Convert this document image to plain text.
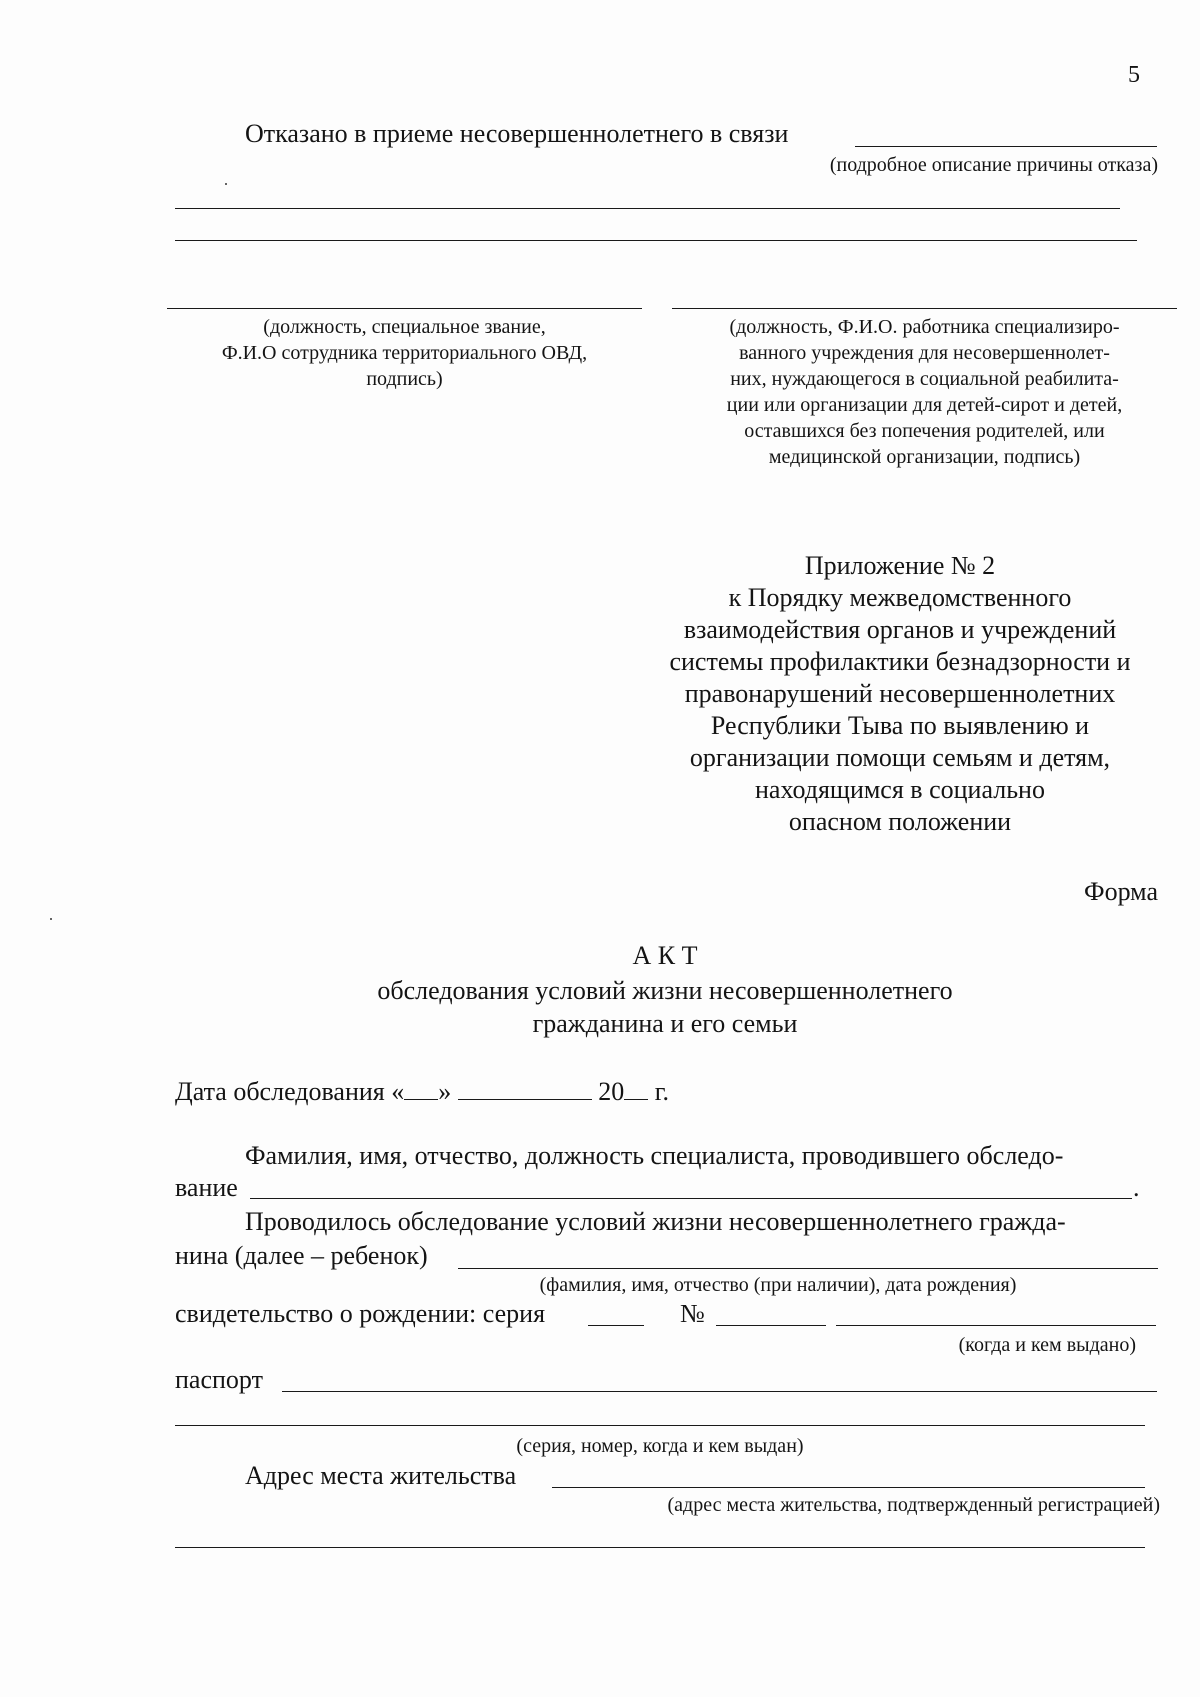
5
Отказано в приеме несовершеннолетнего в связи
(подробное описание причины отказа)
(должность, специальное звание,
Ф.И.О сотрудника территориального ОВД,
подпись)
(должность, Ф.И.О. работника специализиро-
ванного учреждения для несовершеннолет-
них, нуждающегося в социальной реабилита-
ции или организации для детей-сирот и детей,
оставшихся без попечения родителей, или
медицинской организации, подпись)
Приложение № 2
к Порядку межведомственного
взаимодействия органов и учреждений
системы профилактики безнадзорности и
правонарушений несовершеннолетних
Республики Тыва по выявлению и
организации помощи семьям и детям,
находящимся в социально
опасном положении
Форма
А К Т
обследования условий жизни несовершеннолетнего
гражданина и его семьи
Дата обследования « »	20 г.
Фамилия, имя, отчество, должность специалиста, проводившего обследо-
вание	.
Проводилось обследование условий жизни несовершеннолетнего гражда-
нина (далее – ребенок)
(фамилия, имя, отчество (при наличии), дата рождения)
свидетельство о рождении: серия	№
(когда и кем выдано)
паспорт
(серия, номер, когда и кем выдан)
Адрес места жительства
(адрес места жительства, подтвержденный регистрацией)
